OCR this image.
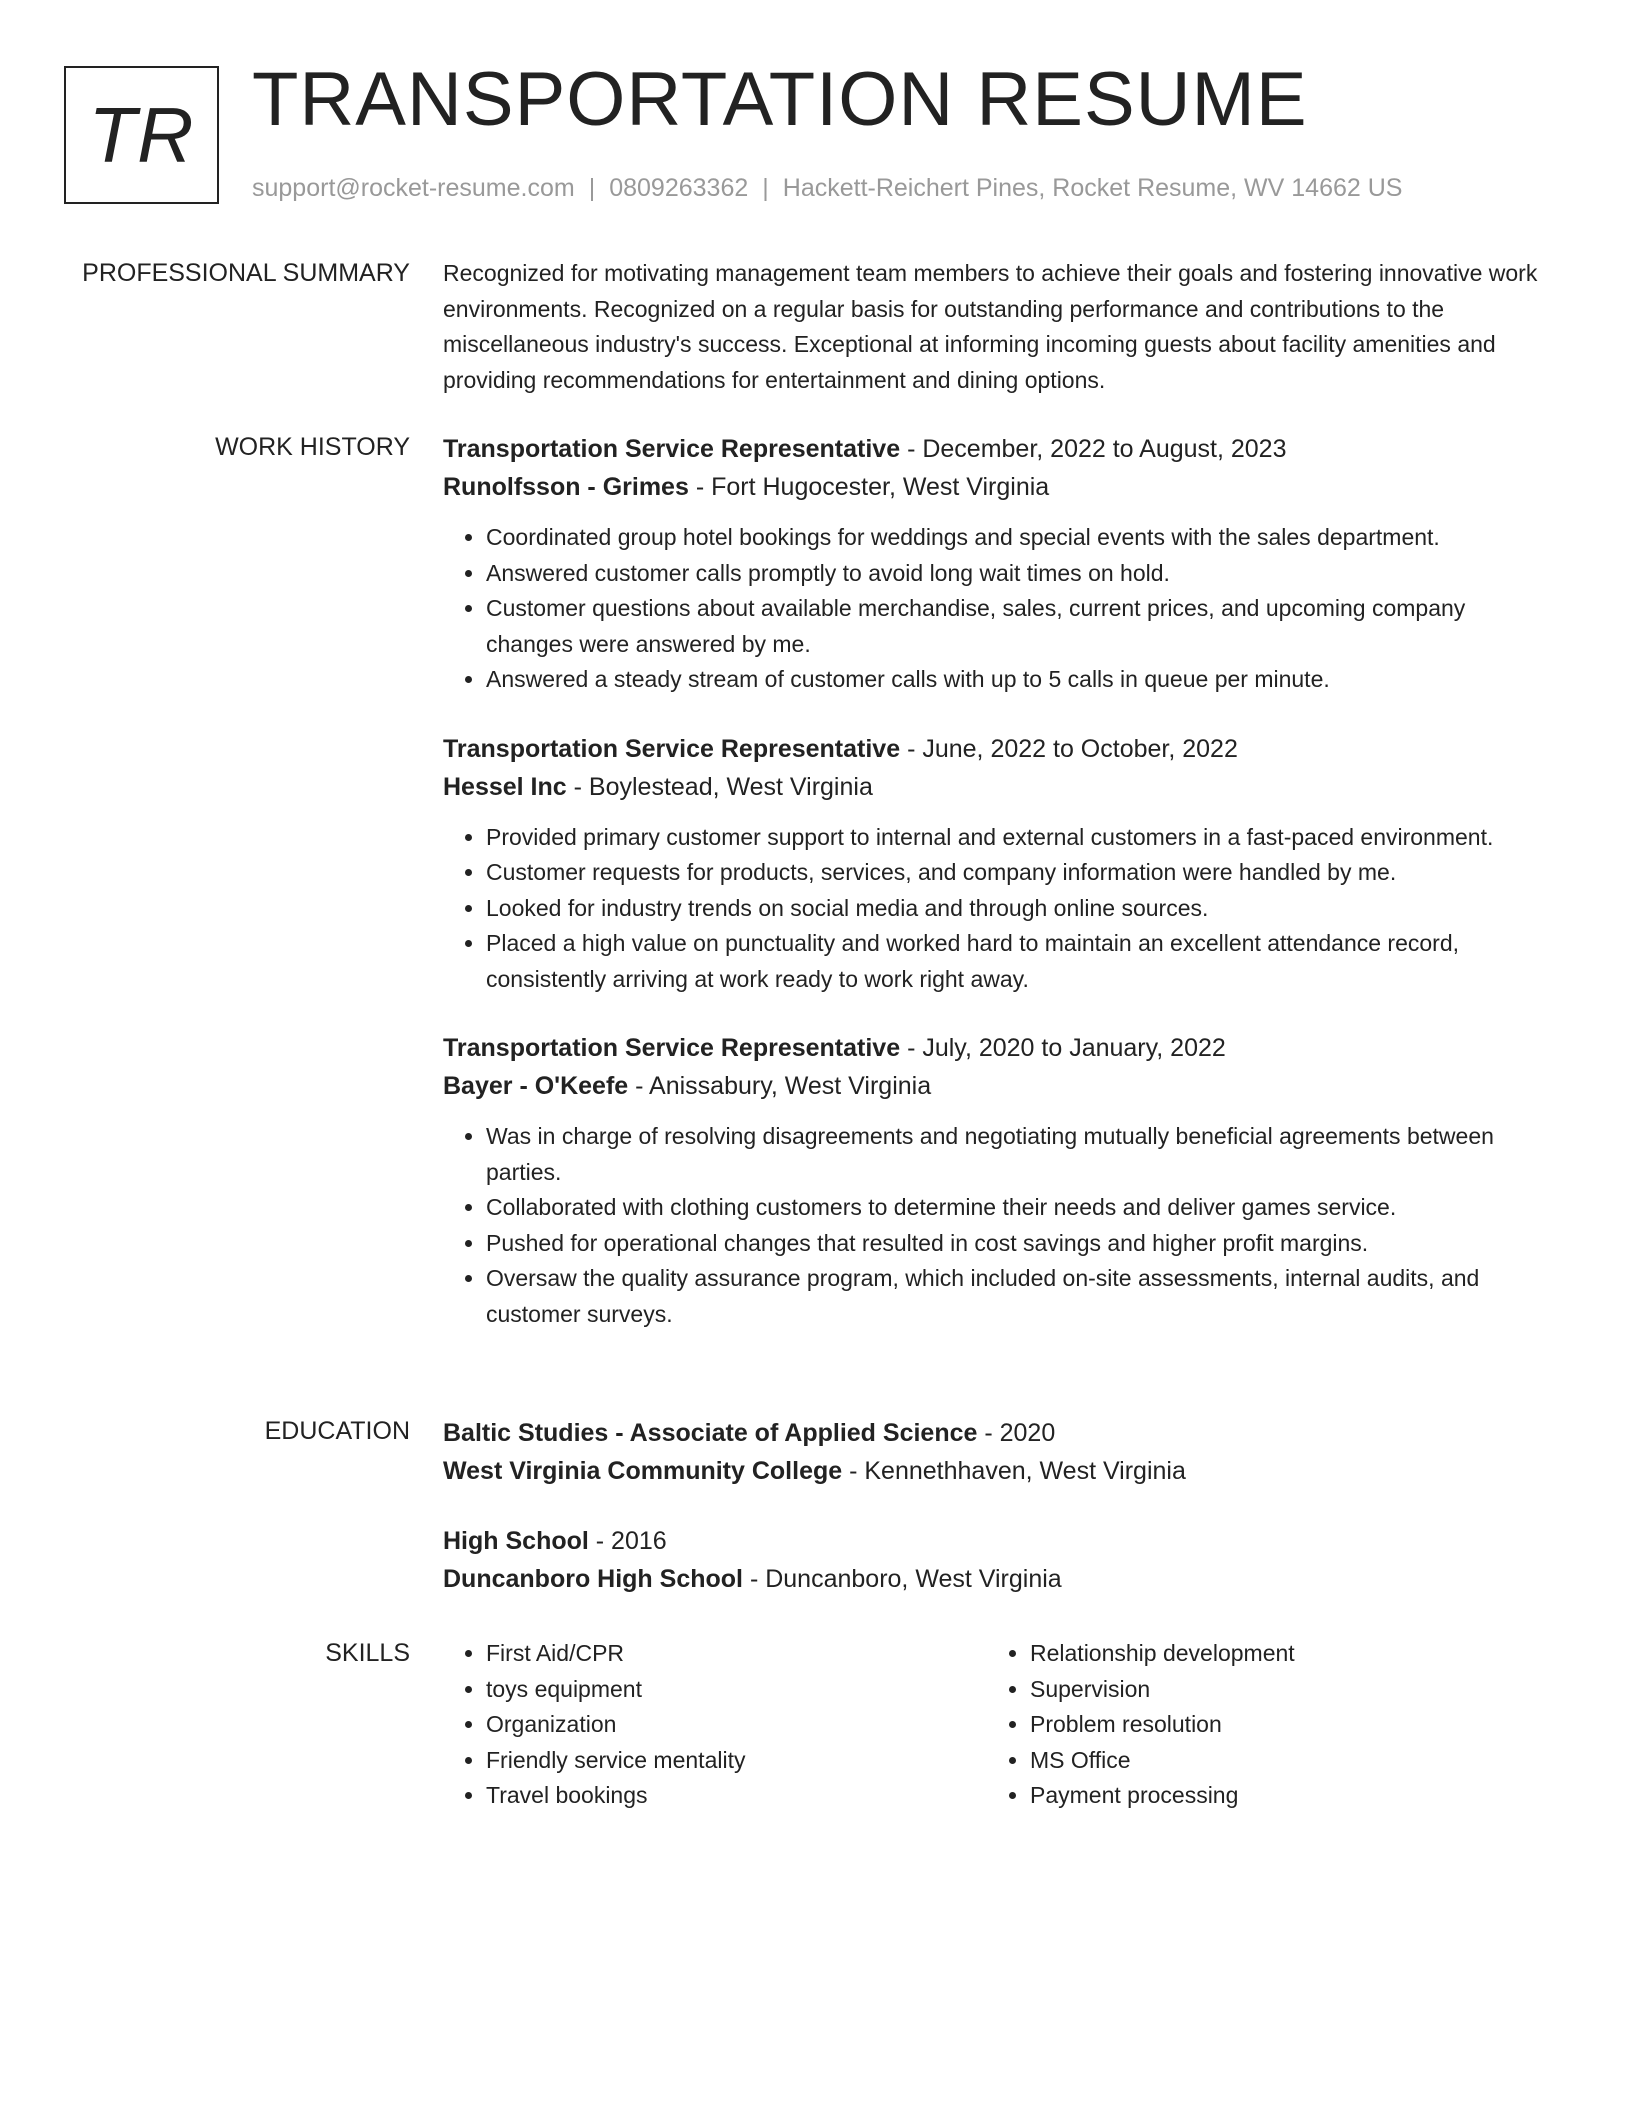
TR TRANSPORTATION RESUME
support@rocket-resume.com | 0809263362 | Hackett-Reichert Pines, Rocket Resume, WV 14662 US
PROFESSIONAL SUMMARY Recognized for motivating management team members to achieve their goals and fostering innovative work environments. Recognized on a regular basis for outstanding performance and contributions to the miscellaneous industry's success. Exceptional at informing incoming guests about facility amenities and providing recommendations for entertainment and dining options.

WORK HISTORY Transportation Service Representative - December, 2022 to August, 2023
Runolfsson - Grimes - Fort Hugocester, West Virginia
• Coordinated group hotel bookings for weddings and special events with the sales department.
• Answered customer calls promptly to avoid long wait times on hold.
• Customer questions about available merchandise, sales, current prices, and upcoming company changes were answered by me.
• Answered a steady stream of customer calls with up to 5 calls in queue per minute.
Transportation Service Representative - June, 2022 to October, 2022
Hessel Inc - Boylestead, West Virginia
• Provided primary customer support to internal and external customers in a fast-paced environment.
• Customer requests for products, services, and company information were handled by me.
• Looked for industry trends on social media and through online sources.
• Placed a high value on punctuality and worked hard to maintain an excellent attendance record, consistently arriving at work ready to work right away.
Transportation Service Representative - July, 2020 to January, 2022
Bayer - O'Keefe - Anissabury, West Virginia
• Was in charge of resolving disagreements and negotiating mutually beneficial agreements between parties.
• Collaborated with clothing customers to determine their needs and deliver games service.
• Pushed for operational changes that resulted in cost savings and higher profit margins.
• Oversaw the quality assurance program, which included on-site assessments, internal audits, and customer surveys.
EDUCATION Baltic Studies - Associate of Applied Science - 2020
West Virginia Community College - Kennethhaven, West Virginia
High School - 2016
Duncanboro High School - Duncanboro, West Virginia
SKILLS
•	First Aid/CPR
• toys equipment
• Organization
• Friendly service mentality
• Travel bookings
• Relationship development
• Supervision
• Problem resolution
• MS Office
• Payment processing
